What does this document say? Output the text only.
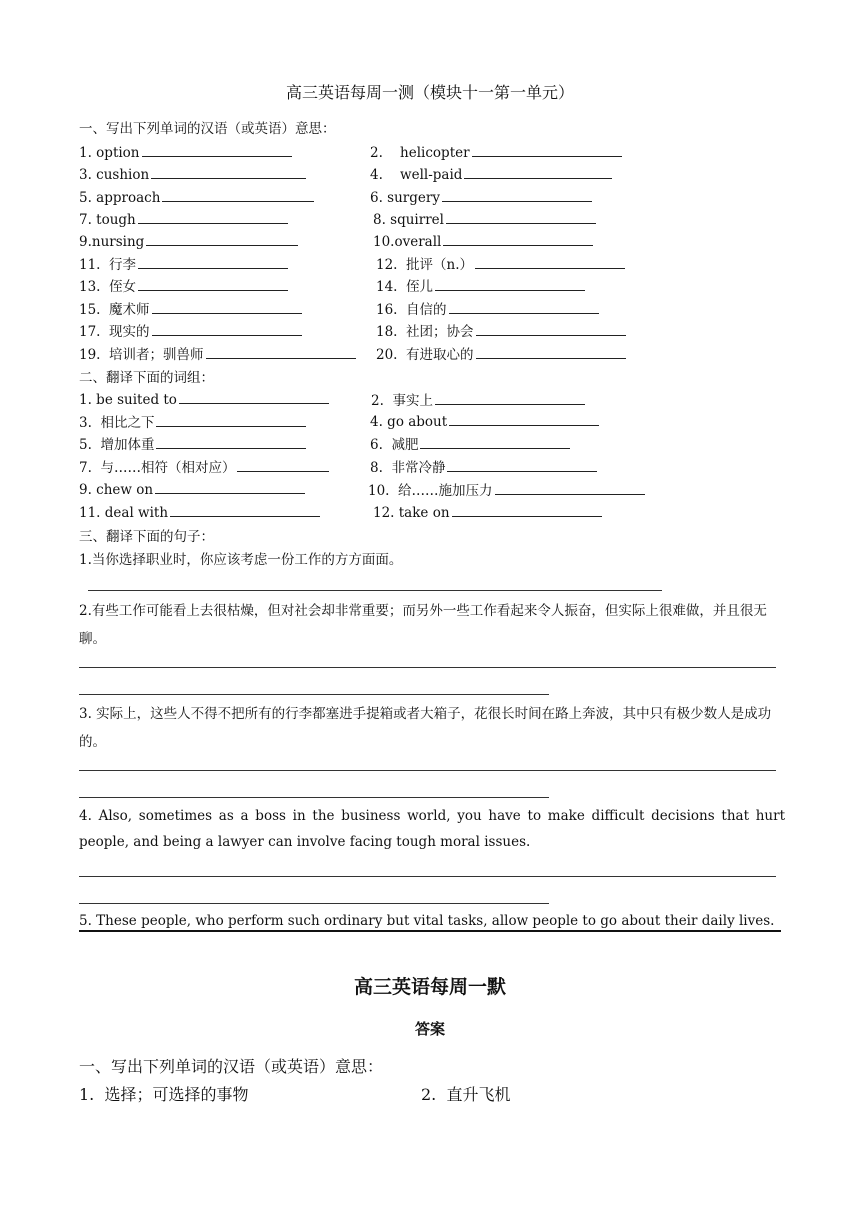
高三英语每周一测（模块十一第一单元）
一、写出下列单词的汉语（或英语）意思：
1. option	2.    helicopter
3. cushion	4.    well-paid
5. approach	6. surgery
7. tough	8. squirrel
9.nursing	10.overall
11.  行李	12.  批评（n.）
13.  侄女	14.  侄儿
15.  魔术师	16.  自信的
17.  现实的	18.  社团；协会
19.  培训者；驯兽师	20.  有进取心的
二、翻译下面的词组：
1. be suited to	2.  事实上
3.  相比之下	4. go about
5.  增加体重	6.  减肥
7.  与……相符（相对应）	8.  非常冷静
9. chew on	10.  给……施加压力
11. deal with	12. take on
三、翻译下面的句子：
1.当你选择职业时，你应该考虑一份工作的方方面面。
2.有些工作可能看上去很枯燥，但对社会却非常重要；而另外一些工作看起来令人振奋，但实际上很难做，并且很无聊。
3. 实际上，这些人不得不把所有的行李都塞进手提箱或者大箱子，花很长时间在路上奔波，其中只有极少数人是成功的。
4. Also, sometimes as a boss in the business world, you have to make difficult decisions that hurt people, and being a lawyer can involve facing tough moral issues.
5. These people, who perform such ordinary but vital tasks, allow people to go about their daily lives.
高三英语每周一默
答案
一、写出下列单词的汉语（或英语）意思：
1.  选择；可选择的事物	2.  直升飞机
